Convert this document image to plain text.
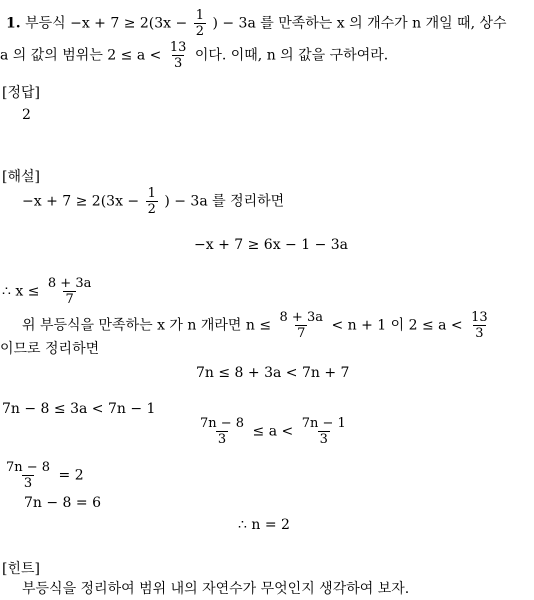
1. 부등식 $-x + 7 \ge 2(3x - \frac{1}{2}$ ) − 3a 를 만족하는 x 의 개수가 n 개일 때, 상수
a 의 값의 범위는 $2 \le a < \frac{13}{3}$ 이다. 이때, n 의 값을 구하여라.
[정답]
2
[해설]
$-x + 7 \ge 2(3x - \frac{1}{2}$ ) − 3a 를 정리하면
−x + 7 ≥ 6x − 1 − 3a
∴ $x \le \frac{8 + 3a}{7}$
위 부등식을 만족하는 x 가 n 개라면 $n \le \frac{8 + 3a}{7} < n + 1$ 이 $2 \le a < \frac{13}{3}$
이므로 정리하면
7n ≤ 8 + 3a < 7n + 7
7n − 8 ≤ 3a < 7n − 1
$\frac{7n - 8}{3} \le a < \frac{7n - 1}{3}$
$\frac{7n - 8}{3} = 2$
7n − 8 = 6
∴ n = 2
[힌트]
부등식을 정리하여 범위 내의 자연수가 무엇인지 생각하여 보자.
